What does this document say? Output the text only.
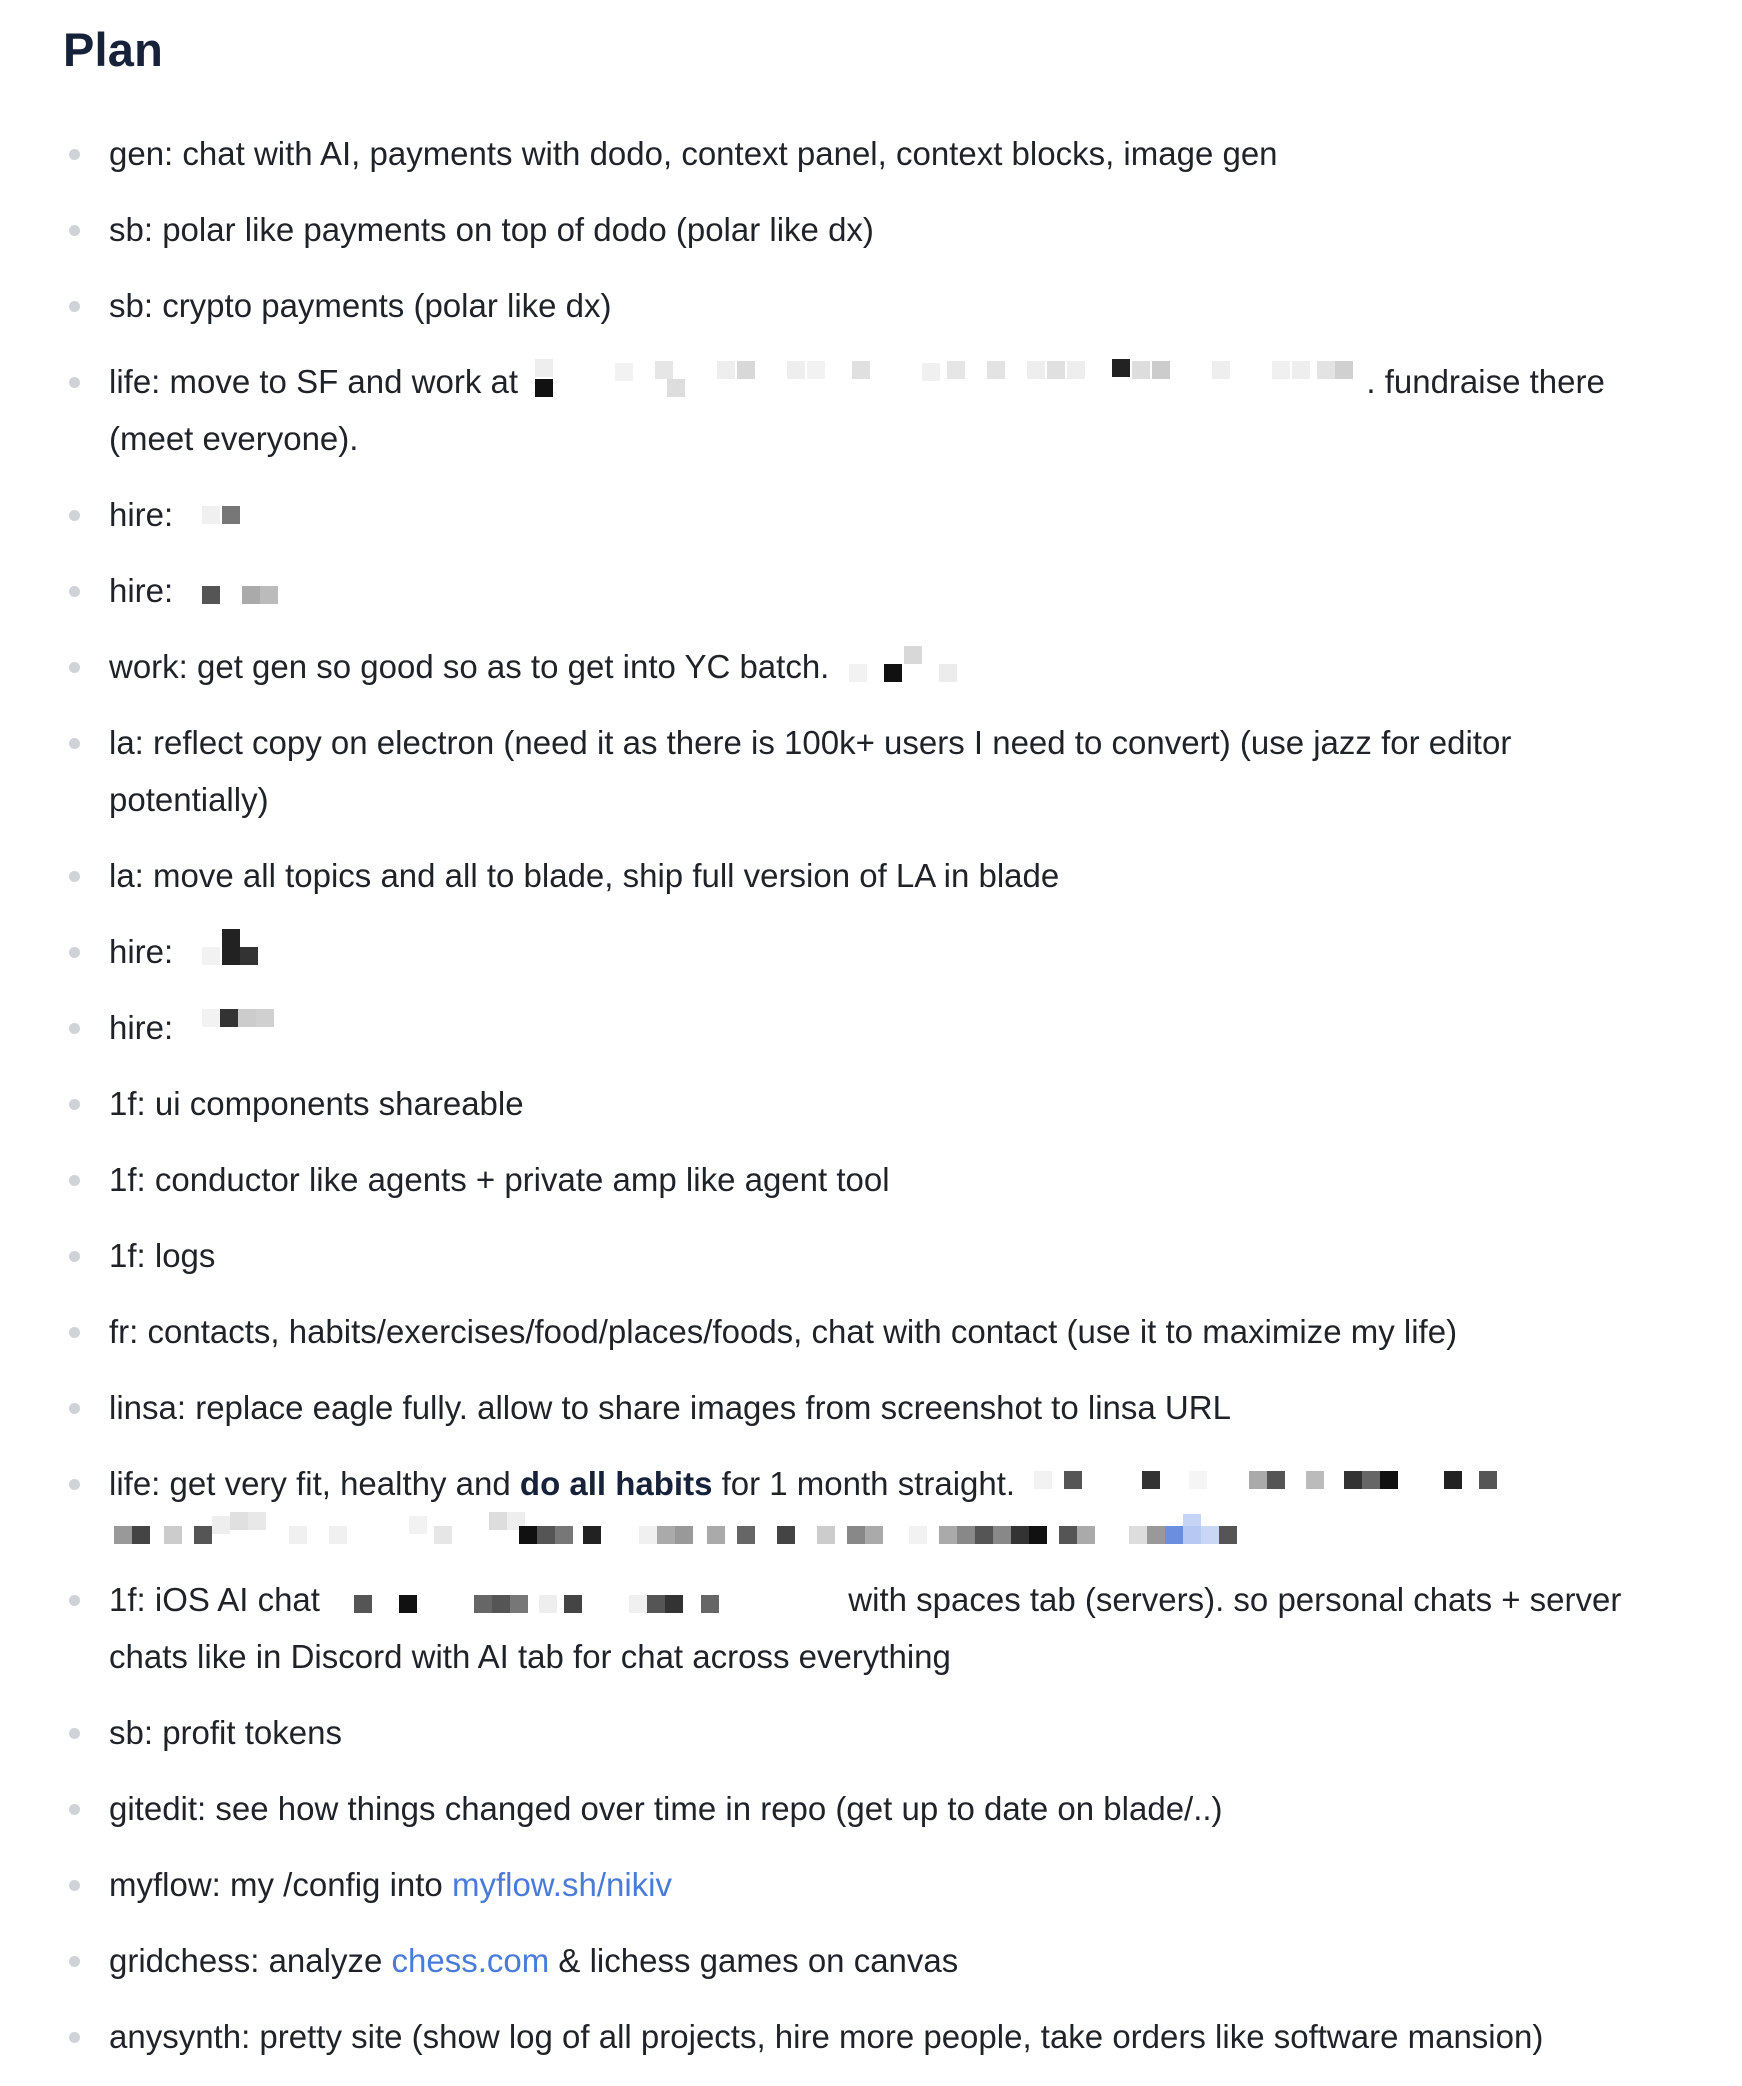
Plan
gen: chat with AI, payments with dodo, context panel, context blocks, image gen
sb: polar like payments on top of dodo (polar like dx)
sb: crypto payments (polar like dx)
life: move to SF and work at	. fundraise there (meet everyone).
hire:
hire:
work: get gen so good so as to get into YC batch.
la: reflect copy on electron (need it as there is 100k+ users I need to convert) (use jazz for editor potentially)
la: move all topics and all to blade, ship full version of LA in blade
hire:
hire:
1f: ui components shareable
1f: conductor like agents + private amp like agent tool
1f: logs
fr: contacts, habits/exercises/food/places/foods, chat with contact (use it to maximize my life)
linsa: replace eagle fully. allow to share images from screenshot to linsa URL
life: get very fit, healthy and do all habits for 1 month straight.
1f: iOS AI chat	with spaces tab (servers). so personal chats + server chats like in Discord with AI tab for chat across everything
sb: profit tokens
gitedit: see how things changed over time in repo (get up to date on blade/..)
myflow: my /config into myflow.sh/nikiv
gridchess: analyze chess.com & lichess games on canvas
anysynth: pretty site (show log of all projects, hire more people, take orders like software mansion)
